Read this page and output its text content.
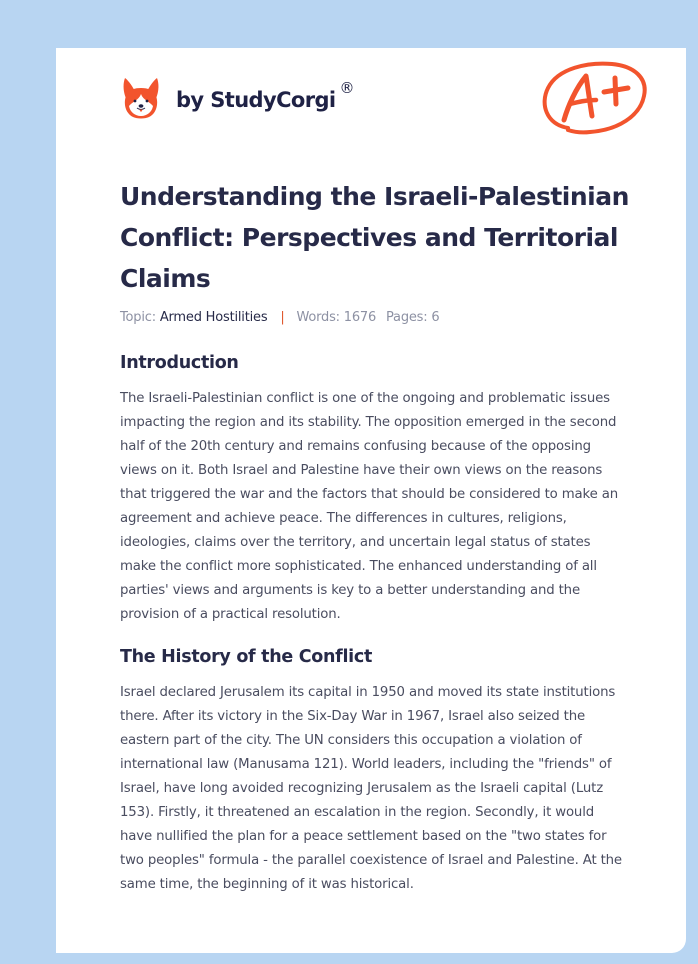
by StudyCorgi ®
Understanding the Israeli-Palestinian Conflict: Perspectives and Territorial Claims
Topic: Armed Hostilities | Words: 1676 Pages: 6
Introduction

The Israeli-Palestinian conflict is one of the ongoing and problematic issues impacting the region and its stability. The opposition emerged in the second half of the 20th century and remains confusing because of the opposing views on it. Both Israel and Palestine have their own views on the reasons that triggered the war and the factors that should be considered to make an agreement and achieve peace. The differences in cultures, religions, ideologies, claims over the territory, and uncertain legal status of states make the conflict more sophisticated. The enhanced understanding of all parties' views and arguments is key to a better understanding and the provision of a practical resolution.

The History of the Conflict

Israel declared Jerusalem its capital in 1950 and moved its state institutions there. After its victory in the Six-Day War in 1967, Israel also seized the eastern part of the city. The UN considers this occupation a violation of international law (Manusama 121). World leaders, including the "friends" of Israel, have long avoided recognizing Jerusalem as the Israeli capital (Lutz 153). Firstly, it threatened an escalation in the region. Secondly, it would have nullified the plan for a peace settlement based on the "two states for two peoples" formula - the parallel coexistence of Israel and Palestine. At the same time, the beginning of it was historical.
